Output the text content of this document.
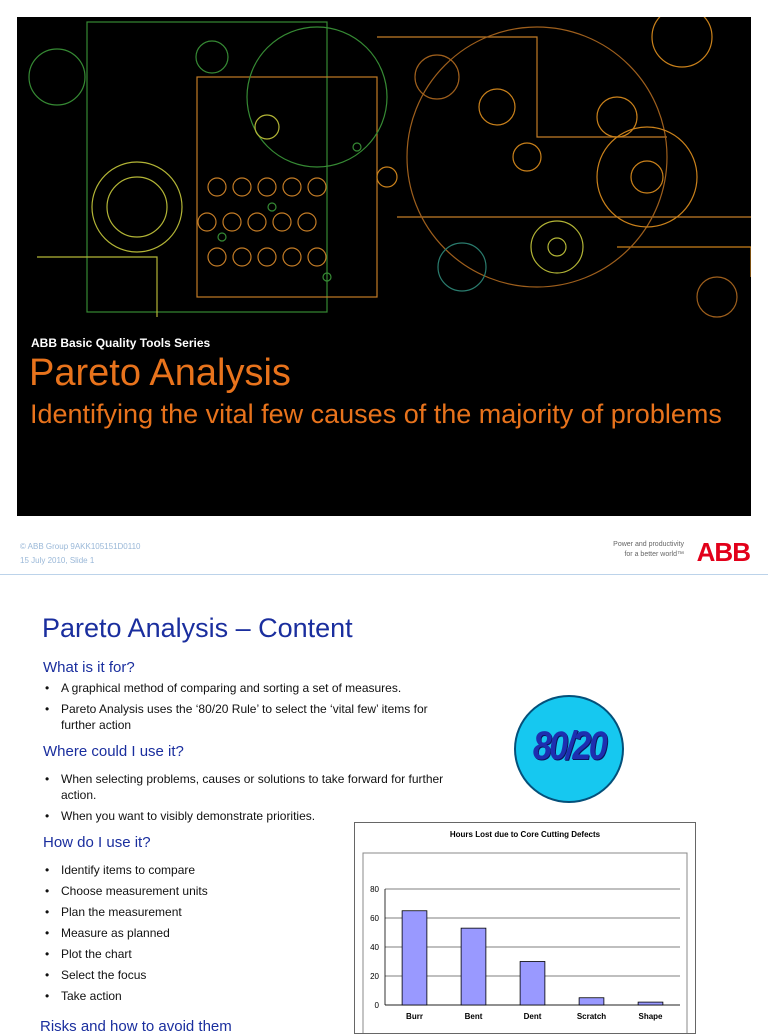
ABB Basic Quality Tools Series
Pareto Analysis
Identifying the vital few causes of the majority of problems
© ABB Group 9AKK105151D0110
15 July 2010, Slide 1
Power and productivity
for a better world™ ABB
Pareto Analysis – Content
What is it for?
• A graphical method of comparing and sorting a set of measures.
• Pareto Analysis uses the ‘80/20 Rule’ to select the ‘vital few’ items for further action
Where could I use it?
• When selecting problems, causes or solutions to take forward for further action.
• When you want to visibly demonstrate priorities.
How do I use it?
• Identify items to compare
• Choose measurement units
• Plan the measurement
• Measure as planned
• Plot the chart
• Select the focus
• Take action
Risks and how to avoid them
80/20
Hours Lost due to Core Cutting Defects
0
20
40
60
80
Burr	Bent	Dent	Scratch	Shape
